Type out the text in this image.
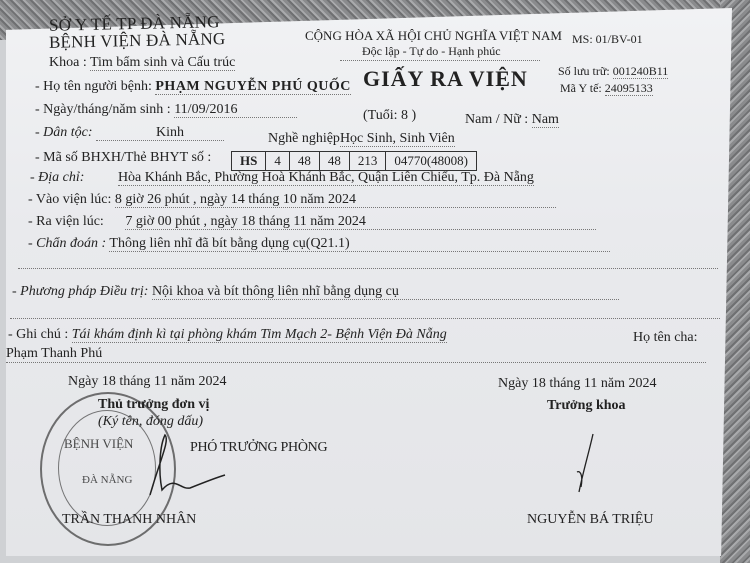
SỞ Y TẾ TP ĐÀ NẴNG
BỆNH VIỆN ĐÀ NẴNG
Khoa : Tim bẩm sinh và Cấu trúc
CỘNG HÒA XÃ HỘI CHỦ NGHĨA VIỆT NAM MS: 01/BV-01
Độc lập - Tự do - Hạnh phúc
GIẤY RA VIỆN	Số lưu trữ: 001240B11
Mã Y tế: 24095133
- Họ tên người bệnh: PHẠM NGUYỄN PHÚ QUỐC
- Ngày/tháng/năm sinh : 11/09/2016	(Tuổi: 8 )	Nam / Nữ : Nam
- Dân tộc:	Kinh	Nghề nghiệpHọc Sinh, Sinh Viên
- Mã số BHXH/Thẻ BHYT số : HS	4	48	48	213	04770(48008)
- Địa chỉ: Hòa Khánh Bắc, Phường Hoà Khánh Bắc, Quận Liên Chiểu, Tp. Đà Nẵng
- Vào viện lúc: 8 giờ 26 phút , ngày 14 tháng 10 năm 2024
- Ra viện lúc: 7 giờ 00 phút , ngày 18 tháng 11 năm 2024
- Chẩn đoán : Thông liên nhĩ đã bít bằng dụng cụ(Q21.1)
- Phương pháp Điều trị: Nội khoa và bít thông liên nhĩ bằng dụng cụ
- Ghi chú : Tái khám định kì tại phòng khám Tim Mạch 2- Bệnh Viện Đà Nẵng	Họ tên cha:
Phạm Thanh Phú
Ngày 18 tháng 11 năm 2024
Thủ trưởng đơn vị
(Ký tên, đóng dấu)
BỆNH VIỆN
ĐÀ NẴNG
PHÓ TRƯỞNG PHÒNG
TRẦN THANH NHÂN
Ngày 18 tháng 11 năm 2024
Trưởng khoa
NGUYỄN BÁ TRIỆU
